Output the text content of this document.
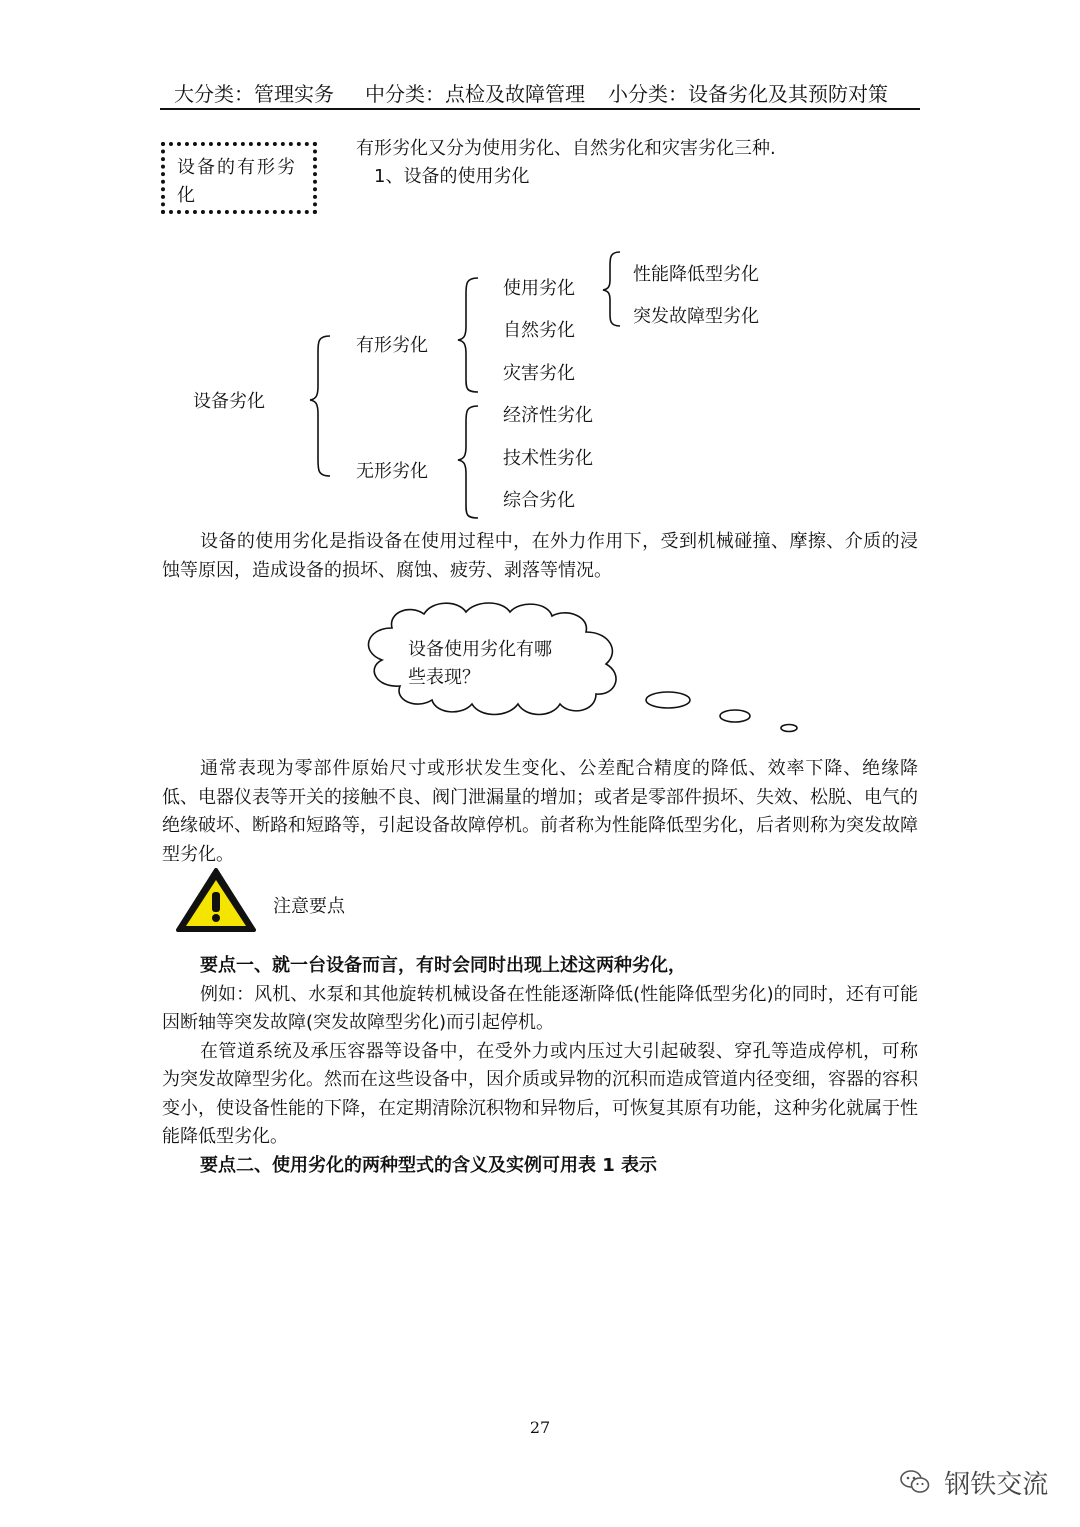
大分类：管理实务 中分类：点检及故障管理 小分类：设备劣化及其预防对策
设备的有形劣化
有形劣化又分为使用劣化、自然劣化和灾害劣化三种.
1、设备的使用劣化
设备劣化
有形劣化
无形劣化
使用劣化
自然劣化
灾害劣化
性能降低型劣化
突发故障型劣化
经济性劣化
技术性劣化
综合劣化

设备的使用劣化是指设备在使用过程中，在外力作用下，受到机械碰撞、摩擦、介质的浸蚀等原因，造成设备的损坏、腐蚀、疲劳、剥落等情况。

设备使用劣化有哪
些表现？

通常表现为零部件原始尺寸或形状发生变化、公差配合精度的降低、效率下降、绝缘降低、电器仪表等开关的接触不良、阀门泄漏量的增加；或者是零部件损坏、失效、松脱、电气的绝缘破坏、断路和短路等，引起设备故障停机。前者称为性能降低型劣化，后者则称为突发故障型劣化。

注意要点

要点一、就一台设备而言，有时会同时出现上述这两种劣化，

例如：风机、水泵和其他旋转机械设备在性能逐渐降低(性能降低型劣化)的同时，还有可能因断轴等突发故障(突发故障型劣化)而引起停机。

在管道系统及承压容器等设备中，在受外力或内压过大引起破裂、穿孔等造成停机，可称为突发故障型劣化。然而在这些设备中，因介质或异物的沉积而造成管道内径变细，容器的容积变小，使设备性能的下降，在定期清除沉积物和异物后，可恢复其原有功能，这种劣化就属于性能降低型劣化。

要点二、使用劣化的两种型式的含义及实例可用表 1 表示

27
钢铁交流
